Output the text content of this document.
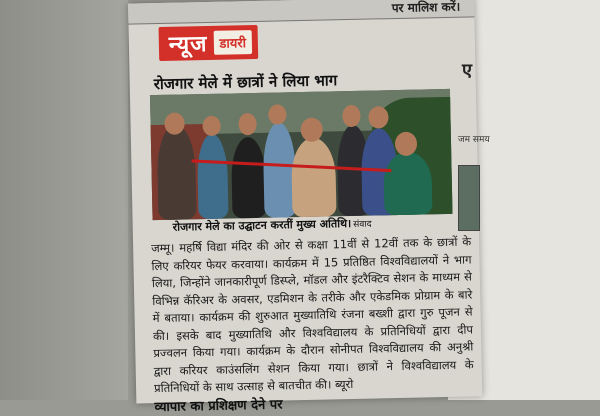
पर मालिश करें।
न्यूज डायरी
रोजगार मेले में छात्रों ने लिया भाग
रोजगार मेले का उद्घाटन करतीं मुख्य अतिथि। संवाद
जम्मू। महर्षि विद्या मंदिर की ओर से कक्षा 11वीं से 12वीं तक के छात्रों के लिए करियर फेयर करवाया। कार्यक्रम में 15 प्रतिष्ठित विश्वविद्यालयों ने भाग लिया, जिन्होंने जानकारीपूर्ण डिस्प्ले, मॉडल और इंटरैक्टिव सेशन के माध्यम से विभिन्न कॅरिअर के अवसर, एडमिशन के तरीके और एकेडमिक प्रोग्राम के बारे में बताया। कार्यक्रम की शुरुआत मुख्यातिथि रंजना बख्शी द्वारा गुरु पूजन से की। इसके बाद मुख्यातिथि और विश्वविद्यालय के प्रतिनिधियों द्वारा दीप प्रज्वलन किया गया। कार्यक्रम के दौरान सोनीपत विश्वविद्यालय की अनुश्री द्वारा करियर काउंसलिंग सेशन किया गया। छात्रों ने विश्वविद्यालय के प्रतिनिधियों के साथ उत्साह से बातचीत की। ब्यूरो
व्यापार का प्रशिक्षण देने पर
ए
जम समय
